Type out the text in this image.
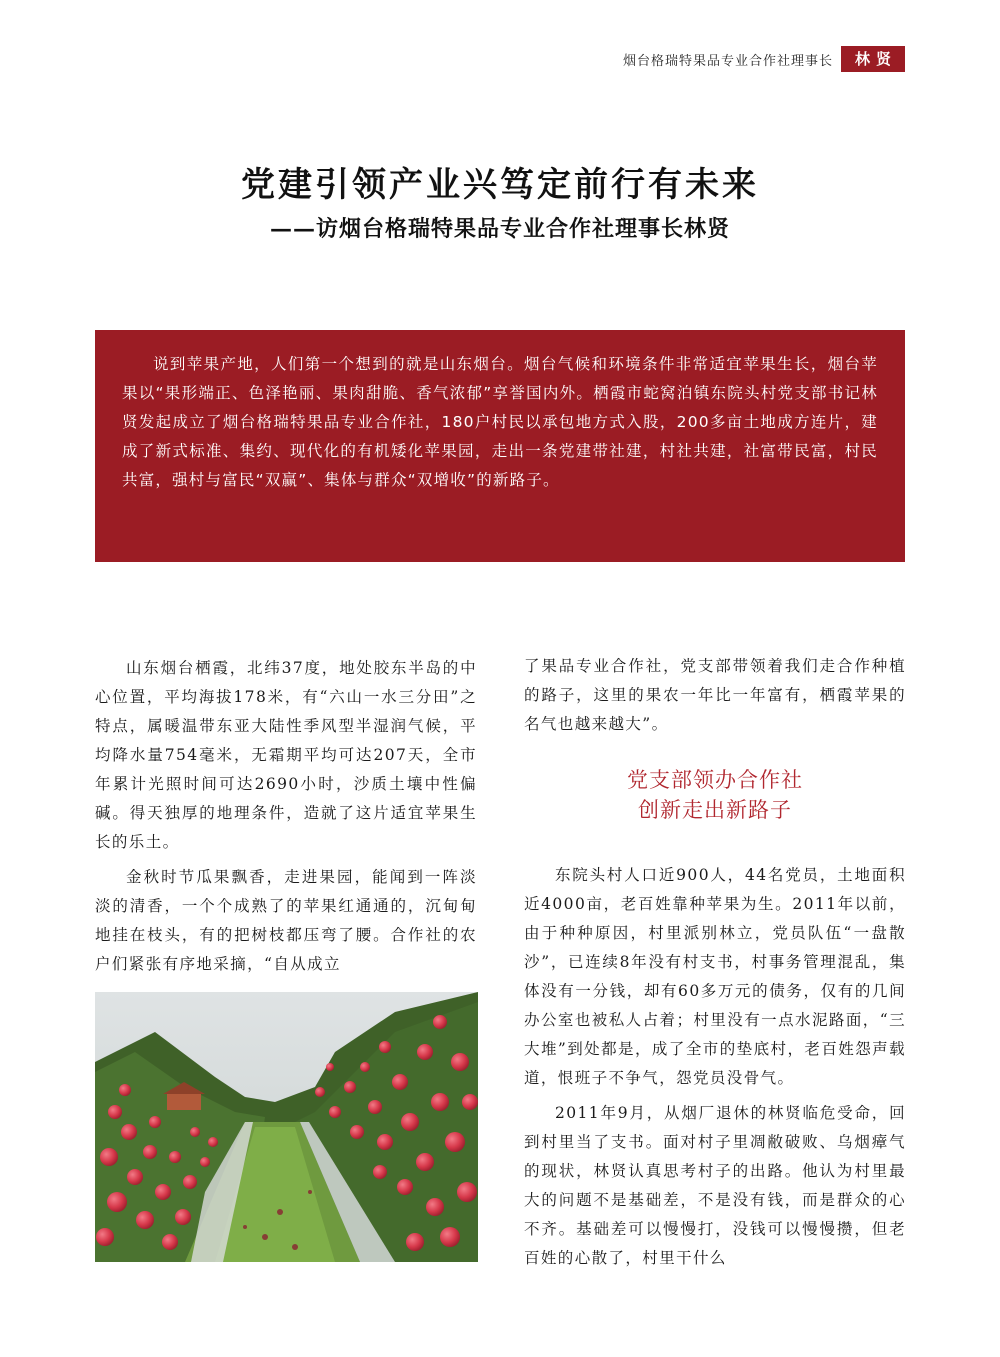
烟台格瑞特果品专业合作社理事长	林贤
党建引领产业兴笃定前行有未来
——访烟台格瑞特果品专业合作社理事长林贤

说到苹果产地，人们第一个想到的就是山东烟台。烟台气候和环境条件非常适宜苹果生长，烟台苹果以“果形端正、色泽艳丽、果肉甜脆、香气浓郁”享誉国内外。栖霞市蛇窝泊镇东院头村党支部书记林贤发起成立了烟台格瑞特果品专业合作社，180户村民以承包地方式入股，200多亩土地成方连片，建成了新式标准、集约、现代化的有机矮化苹果园，走出一条党建带社建，村社共建，社富带民富，村民共富，强村与富民“双赢”、集体与群众“双增收”的新路子。

山东烟台栖霞，北纬37度，地处胶东半岛的中心位置，平均海拔178米，有“六山一水三分田”之特点，属暖温带东亚大陆性季风型半湿润气候，平均降水量754毫米，无霜期平均可达207天，全市年累计光照时间可达2690小时，沙质土壤中性偏碱。得天独厚的地理条件，造就了这片适宜苹果生长的乐土。

金秋时节瓜果飘香，走进果园，能闻到一阵淡淡的清香，一个个成熟了的苹果红通通的，沉甸甸地挂在枝头，有的把树枝都压弯了腰。合作社的农户们紧张有序地采摘，“自从成立

了果品专业合作社，党支部带领着我们走合作种植的路子，这里的果农一年比一年富有，栖霞苹果的名气也越来越大”。

党支部领办合作社
创新走出新路子

东院头村人口近900人，44名党员，土地面积近4000亩，老百姓靠种苹果为生。2011年以前，由于种种原因，村里派别林立，党员队伍“一盘散沙”，已连续8年没有村支书，村事务管理混乱，集体没有一分钱，却有60多万元的债务，仅有的几间办公室也被私人占着；村里没有一点水泥路面，“三大堆”到处都是，成了全市的垫底村，老百姓怨声载道，恨班子不争气，怨党员没骨气。

2011年9月，从烟厂退休的林贤临危受命，回到村里当了支书。面对村子里凋敝破败、乌烟瘴气的现状，林贤认真思考村子的出路。他认为村里最大的问题不是基础差，不是没有钱，而是群众的心不齐。基础差可以慢慢打，没钱可以慢慢攒，但老百姓的心散了，村里干什么
